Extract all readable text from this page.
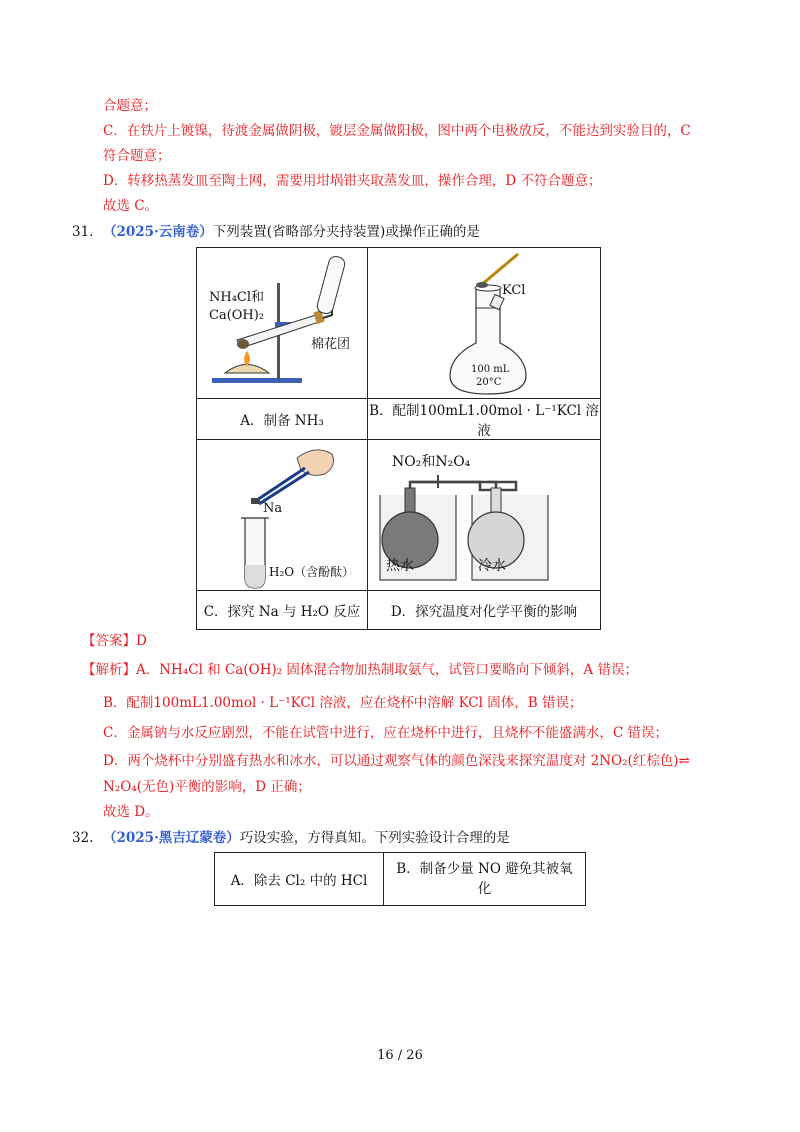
合题意；
C．在铁片上镀镍，待渡金属做阴极，镀层金属做阳极，图中两个电极放反，不能达到实验目的，C
符合题意；
D．转移热蒸发皿至陶土网，需要用坩埚钳夹取蒸发皿，操作合理，D 不符合题意；
故选 C。
31. （2025·云南卷）下列装置(省略部分夹持装置)或操作正确的是
NH₄Cl和
Ca(OH)₂
棉花团	KCl
100 mL
20°C

A．制备 NH₃	B．配制100mL1.00mol · L⁻¹KCl 溶液

Na
H₂O（含酚酞）	NO₂和N₂O₄
热水 冷水

C．探究 Na 与 H₂O 反应	D．探究温度对化学平衡的影响
【答案】D
【解析】A．NH₄Cl 和 Ca(OH)₂ 固体混合物加热制取氨气，试管口要略向下倾斜，A 错误；
B．配制100mL1.00mol · L⁻¹KCl 溶液，应在烧杯中溶解 KCl 固体，B 错误；
C．金属钠与水反应剧烈，不能在试管中进行，应在烧杯中进行，且烧杯不能盛满水，C 错误；
D．两个烧杯中分别盛有热水和冰水，可以通过观察气体的颜色深浅来探究温度对 2NO₂(红棕色)⇌
N₂O₄(无色)平衡的影响，D 正确；
故选 D。
32. （2025·黑吉辽蒙卷）巧设实验，方得真知。下列实验设计合理的是
A．除去 Cl₂ 中的 HCl	
B．制备少量 NO 避免其被氧
化
16 / 26
